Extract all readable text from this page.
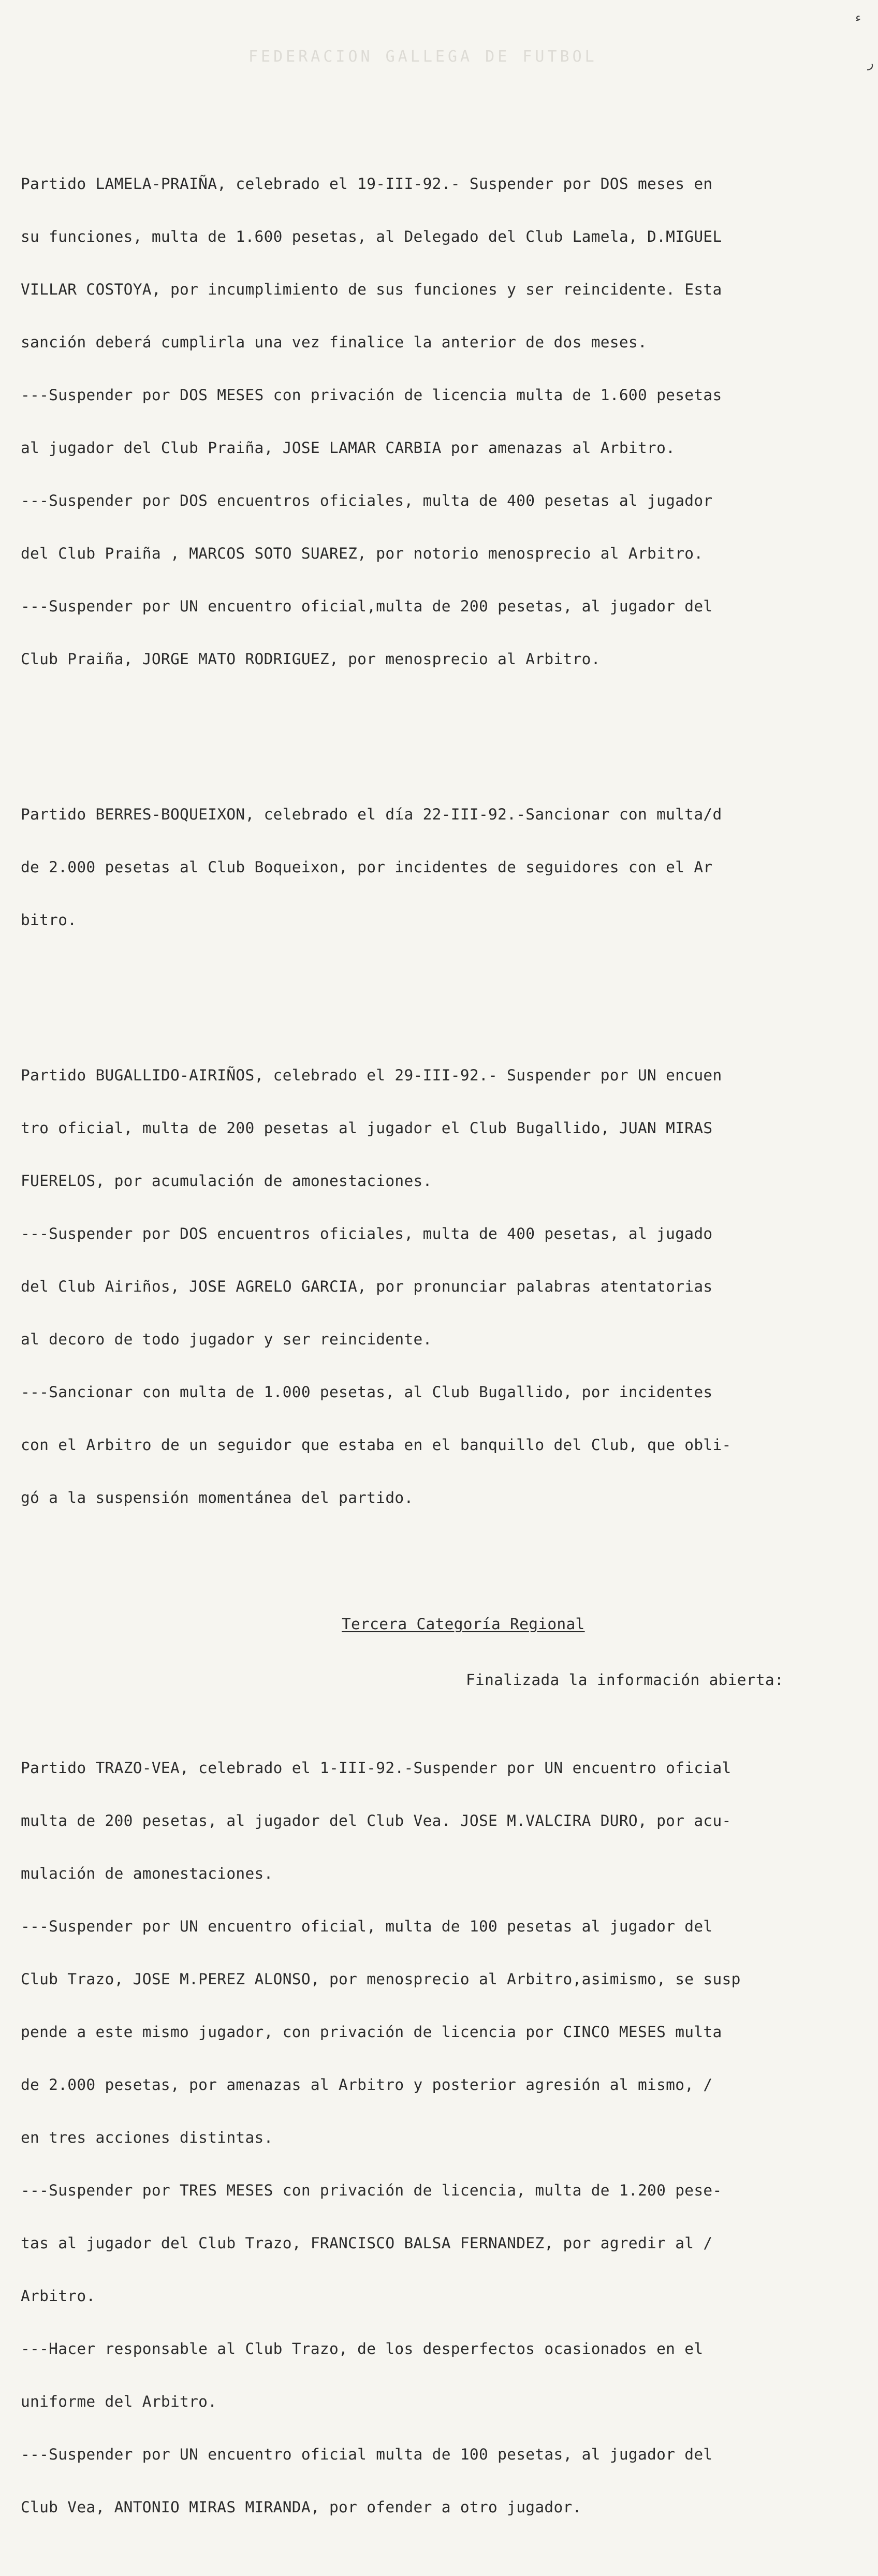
FEDERACION GALLEGA DE FUTBOL
ء
ر

Partido LAMELA-PRAIÑA, celebrado el 19-III-92.- Suspender por DOS meses en

su funciones, multa de 1.600 pesetas, al Delegado del Club Lamela, D.MIGUEL

VILLAR COSTOYA, por incumplimiento de sus funciones y ser reincidente. Esta

sanción deberá cumplirla una vez finalice la anterior de dos meses.

---Suspender por DOS MESES con privación de licencia multa de 1.600 pesetas

al jugador del Club Praiña, JOSE LAMAR CARBIA por amenazas al Arbitro.

---Suspender por DOS encuentros oficiales, multa de 400 pesetas al jugador

del Club Praiña , MARCOS SOTO SUAREZ, por notorio menosprecio al Arbitro.

---Suspender por UN encuentro oficial,multa de 200 pesetas, al jugador del

Club Praiña, JORGE MATO RODRIGUEZ, por menosprecio al Arbitro.

Partido BERRES-BOQUEIXON, celebrado el día 22-III-92.-Sancionar con multa/d

de 2.000 pesetas al Club Boqueixon, por incidentes de seguidores con el Ar

bitro.

Partido BUGALLIDO-AIRIÑOS, celebrado el 29-III-92.- Suspender por UN encuen

tro oficial, multa de 200 pesetas al jugador el Club Bugallido, JUAN MIRAS

FUERELOS, por acumulación de amonestaciones.

---Suspender por DOS encuentros oficiales, multa de 400 pesetas, al jugado

del Club Airiños, JOSE AGRELO GARCIA, por pronunciar palabras atentatorias

al decoro de todo jugador y ser reincidente.

---Sancionar con multa de 1.000 pesetas, al Club Bugallido, por incidentes

con el Arbitro de un seguidor que estaba en el banquillo del Club, que obli-

gó a la suspensión momentánea del partido.

Tercera Categoría Regional

Finalizada la información abierta:

Partido TRAZO-VEA, celebrado el 1-III-92.-Suspender por UN encuentro oficial

multa de 200 pesetas, al jugador del Club Vea. JOSE M.VALCIRA DURO, por acu-

mulación de amonestaciones.

---Suspender por UN encuentro oficial, multa de 100 pesetas al jugador del

Club Trazo, JOSE M.PEREZ ALONSO, por menosprecio al Arbitro,asimismo, se susp

pende a este mismo jugador, con privación de licencia por CINCO MESES multa

de 2.000 pesetas, por amenazas al Arbitro y posterior agresión al mismo, /

en tres acciones distintas.

---Suspender por TRES MESES con privación de licencia, multa de 1.200 pese-

tas al jugador del Club Trazo, FRANCISCO BALSA FERNANDEZ, por agredir al /

Arbitro.

---Hacer responsable al Club Trazo, de los desperfectos ocasionados en el

uniforme del Arbitro.

---Suspender por UN encuentro oficial multa de 100 pesetas, al jugador del

Club Vea, ANTONIO MIRAS MIRANDA, por ofender a otro jugador.
